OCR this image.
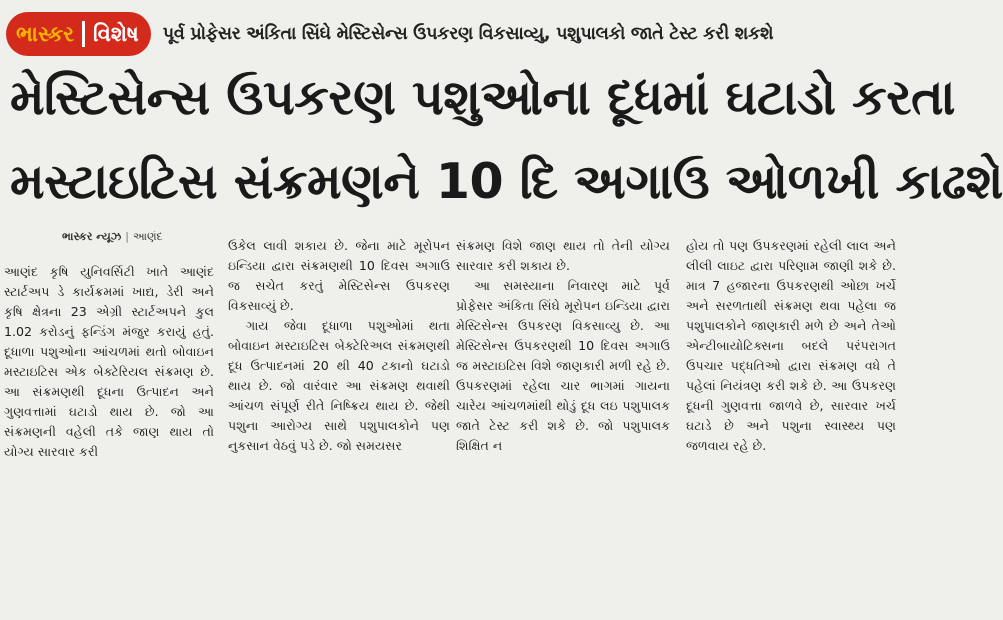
ભાસ્કર વિશેષ પૂર્વ પ્રોફેસર અંકિતા સિંઘે મેસ્ટિસેન્સ ઉપકરણ વિકસાવ્યુ, પશુપાલકો જાતે ટેસ્ટ કરી શકશે
મેસ્ટિસેન્સ ઉપકરણ પશુઓના દૂધમાં ઘટાડો કરતા
મસ્ટાઇટિસ સંક્રમણને 10 દિ અગાઉ ઓળખી કાઢશે
ભાસ્કર ન્યૂઝ | આણંદ

આણંદ કૃષિ યુનિવર્સિટી ખાતે આણંદ સ્ટાર્ટઅપ ડે કાર્યક્રમમાં ખાદ્ય, ડેરી અને કૃષિ ક્ષેત્રના 23 એગ્રી સ્ટાર્ટઅપને કુલ 1.02 કરોડનું ફન્ડિંગ મંજુર કરાયું હતું. દૂધાળા પશુઓના આંચળમાં થતો બોવાઇન મસ્ટાઇટિસ એક બેક્ટેરિયલ સંક્રમણ છે. આ સંક્રમણથી દૂધના ઉત્પાદન અને ગુણવત્તામાં ઘટાડો થાય છે. જો આ સંક્રમણની વહેલી તકે જાણ થાય તો યોગ્ય સારવાર કરી

ઉકેલ લાવી શકાય છે. જેના માટે મૂરોપન ઇન્ડિયા દ્વારા સંક્રમણથી 10 દિવસ અગાઉ જ સચેત કરતું મેસ્ટિસેન્સ ઉપકરણ વિકસાવ્યું છે.

ગાય જેવા દૂધાળા પશુઓમાં થતા બોવાઇન મસ્ટાઇટિસ બેક્ટેરિઅલ સંક્રમણથી દૂધ ઉત્પાદનમાં 20 થી 40 ટકાનો ઘટાડો થાય છે. જો વારંવાર આ સંક્રમણ થવાથી આંચળ સંપૂર્ણ રીતે નિષ્ક્રિય થાય છે. જેથી પશુના આરોગ્ય સાથે પશુપાલકોને પણ નુકસાન વેઠવું પડે છે. જો સમયસર

સંક્રમણ વિશે જાણ થાય તો તેની યોગ્ય સારવાર કરી શકાય છે.

આ સમસ્યાના નિવારણ માટે પૂર્વ પ્રોફેસર અંકિતા સિંઘે મૂરોપન ઇન્ડિયા દ્વારા મેસ્ટિસેન્સ ઉપકરણ વિકસાવ્યુ છે. આ મેસ્ટિસેન્સ ઉપકરણથી 10 દિવસ અગાઉ જ મસ્ટાઇટિસ વિશે જાણકારી મળી રહે છે. ઉપકરણમાં રહેલા ચાર ભાગમાં ગાયના ચારેય આંચળમાંથી થોડું દૂધ લઇ પશુપાલક જાતે ટેસ્ટ કરી શકે છે. જો પશુપાલક શિક્ષિત ન

હોય તો પણ ઉપકરણમાં રહેલી લાલ અને લીલી લાઇટ દ્વારા પરિણામ જાણી શકે છે. માત્ર 7 હજારના ઉપકરણથી ઓછા ખર્ચે અને સરળતાથી સંક્રમણ થવા પહેલા જ પશુપાલકોને જાણકારી મળે છે અને તેઓ એન્ટીબાયોટિક્સના બદલે પરંપરાગત ઉપચાર પદ્ધતિઓ દ્વારા સંક્રમણ વધે તે પહેલાં નિયંત્રણ કરી શકે છે. આ ઉપકરણ દૂધની ગુણવત્તા જાળવે છે, સારવાર ખર્ચ ઘટાડે છે અને પશુના સ્વાસ્થ્ય પણ જળવાય રહે છે.
